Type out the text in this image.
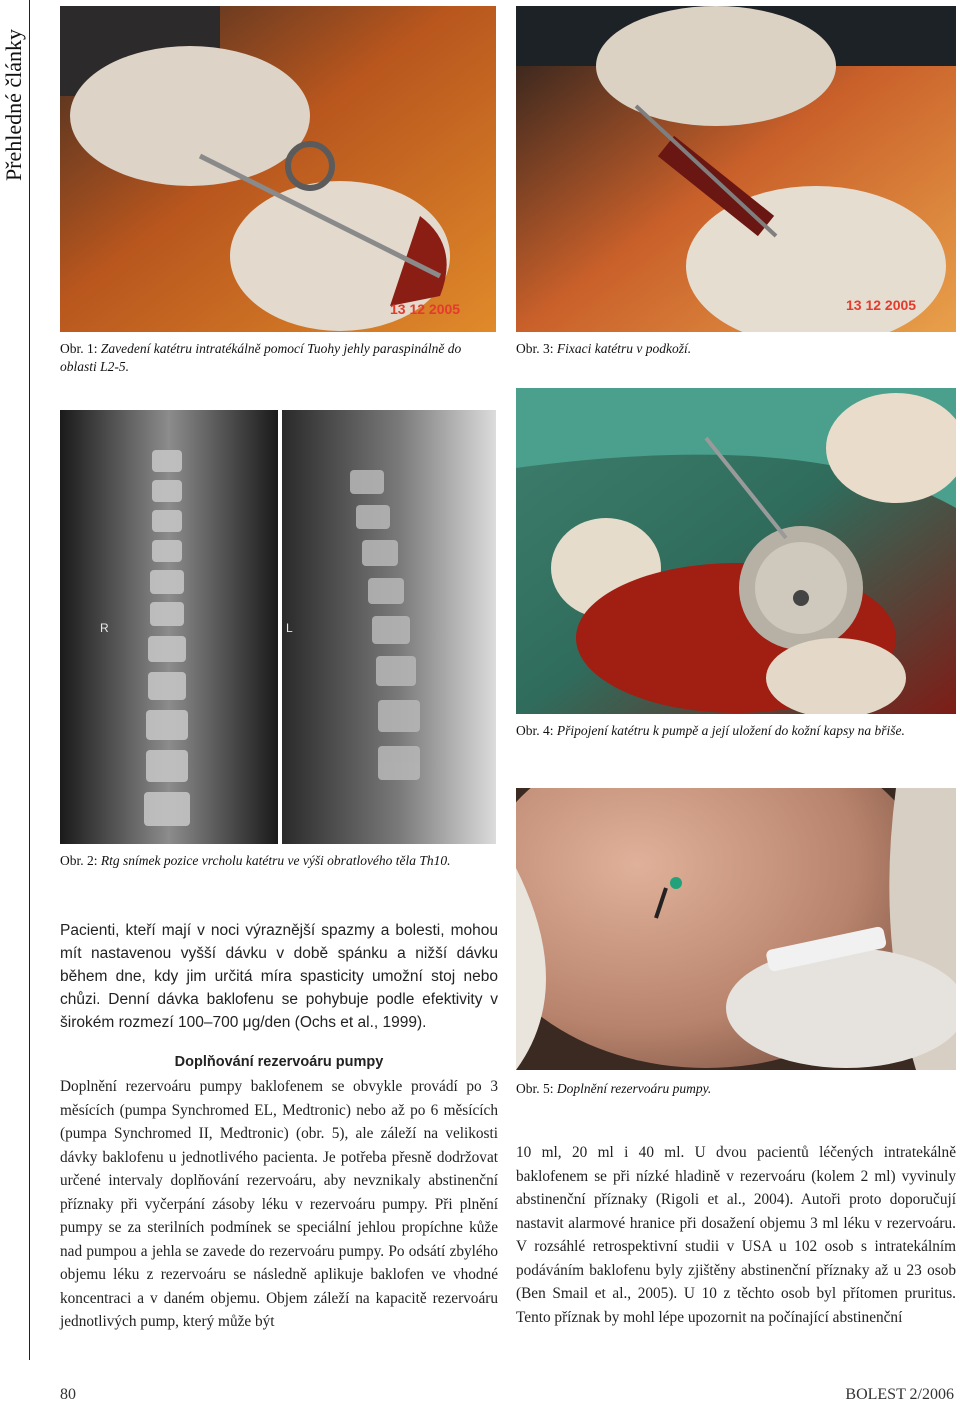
Přehledné články
13 12 2005	13 12 2005
Obr. 1: Zavedení katétru intratékálně pomocí Tuohy jehly paraspinálně do oblasti L2-5.
Obr. 3: Fixaci katétru v podkoží.
R	L
Obr. 4: Připojení katétru k pumpě a její uložení do kožní kapsy na břiše.
Obr. 2: Rtg snímek pozice vrcholu katétru ve výši obratlového těla Th10.
Obr. 5: Doplnění rezervoáru pumpy.
Pacienti, kteří mají v noci výraznější spazmy a bolesti, mohou mít nastavenou vyšší dávku v době spánku a nižší dávku během dne, kdy jim určitá míra spasticity umožní stoj nebo chůzi. Denní dávka baklofenu se pohybuje podle efektivity v širokém rozmezí 100–700 μg/den (Ochs et al., 1999).
Doplňování rezervoáru pumpy
Doplnění rezervoáru pumpy baklofenem se obvykle provádí po 3 měsících (pumpa Synchromed EL, Medtronic) nebo až po 6 měsících (pumpa Synchromed II, Medtronic) (obr. 5), ale záleží na velikosti dávky baklofenu u jednotlivého pacienta. Je potřeba přesně dodržovat určené intervaly doplňování rezervoáru, aby nevznikaly abstinenční příznaky při vyčerpání zásoby léku v rezervoáru pumpy. Při plnění pumpy se za sterilních podmínek se speciální jehlou propíchne kůže nad pumpou a jehla se zavede do rezervoáru pumpy. Po odsátí zbylého objemu léku z rezervoáru se následně aplikuje baklofen ve vhodné koncentraci a v daném objemu. Objem záleží na kapacitě rezervoáru jednotlivých pump, který může být
10 ml, 20 ml i 40 ml. U dvou pacientů léčených intratekálně baklofenem se při nízké hladině v rezervoáru (kolem 2 ml) vyvinuly abstinenční příznaky (Rigoli et al., 2004). Autoři proto doporučují nastavit alarmové hranice při dosažení objemu 3 ml léku v rezervoáru. V rozsáhlé retrospektivní studii v USA u 102 osob s intratekálním podáváním baklofenu byly zjištěny abstinenční příznaky až u 23 osob (Ben Smail et al., 2005). U 10 z těchto osob byl přítomen pruritus. Tento příznak by mohl lépe upozornit na počínající abstinenční
80	BOLEST 2/2006
